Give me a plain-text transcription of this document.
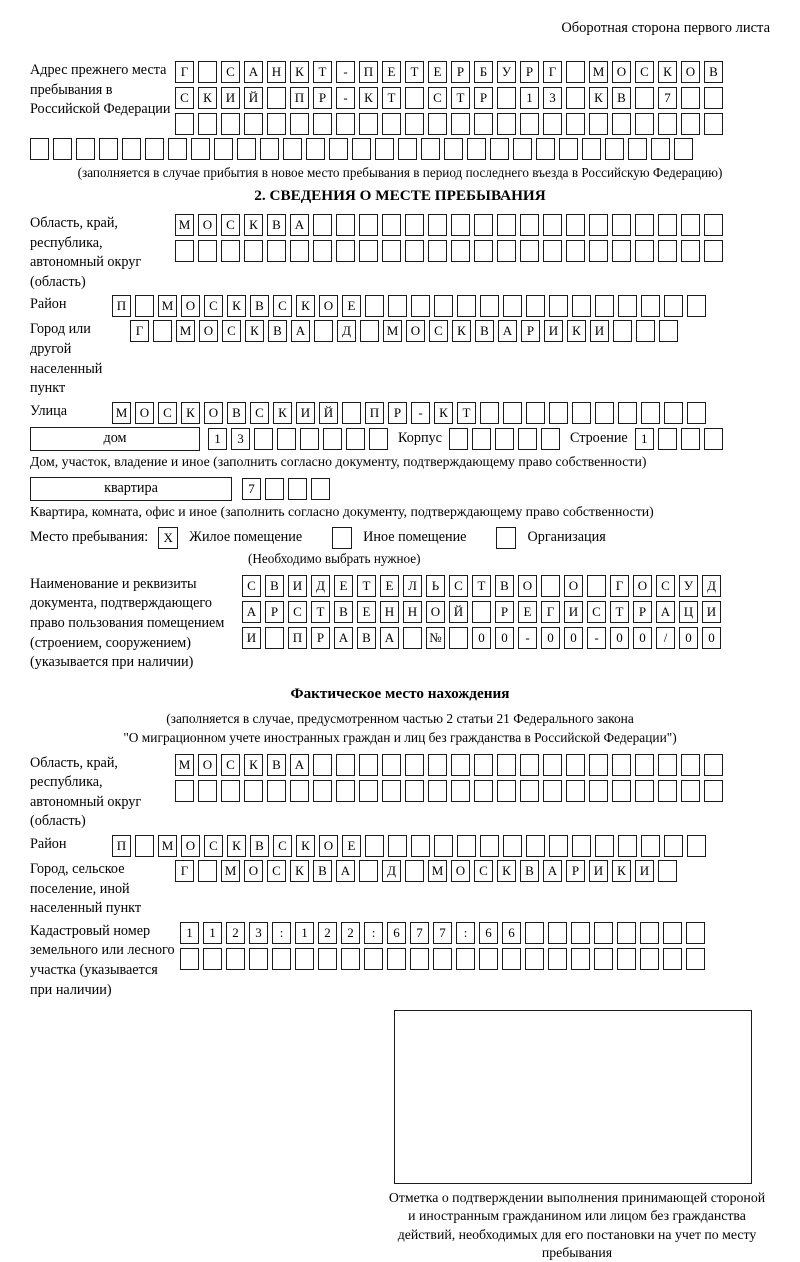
Оборотная сторона первого листа
Адрес прежнего места пребывания в Российской Федерации
Г	С	А	Н	К	Т	-	П	Е	Т	Е	Р	Б	У	Р	Г	М О	С	К	О	В
С	К	И	Й	П	Р	-	К	Т	С	Т	Р	1	3	К	В	7
(заполняется в случае прибытия в новое место пребывания в период последнего въезда в Российскую Федерацию)
2. СВЕДЕНИЯ О МЕСТЕ ПРЕБЫВАНИЯ
Область, край, республика, автономный округ (область)
М О	С	К	В	А
Район	П	М О	С	К	В	С	К	О	Е
Город или другой населенный пункт
Г	М О	С	К	В	А	Д	М О	С	К	В	А	Р	И	К	И
Улица	М О	С	К	О	В	С	К	И	Й	П	Р	-	К	Т
дом	1	3	Корпус	Строение	1
Дом, участок, владение и иное (заполнить согласно документу, подтверждающему право собственности)
квартира	7
Квартира, комната, офис и иное (заполнить согласно документу, подтверждающему право собственности)
Место пребывания:	X	Жилое помещение	Иное помещение	Организация
(Необходимо выбрать нужное)
Наименование и реквизиты документа, подтверждающего право пользования помещением (строением, сооружением) (указывается при наличии)
С	В	И	Д	Е	Т	Е	Л	Ь	С	Т	В	О	О	Г	О	С	У	Д
А	Р	С	Т	В	Е	Н	Н	О	Й	Р	Е	Г	И	С	Т	Р	А	Ц	И
И	П	Р	А	В	А	№	0	0	-	0	0	-	0	0	/	0	0
Фактическое место нахождения
(заполняется в случае, предусмотренном частью 2 статьи 21 Федерального закона
"О миграционном учете иностранных граждан и лиц без гражданства в Российской Федерации")
Область, край, республика, автономный округ (область)
М О	С	К	В	А
Район	П	М О	С	К	В	С	К	О	Е
Город, сельское поселение, иной населенный пункт
Г	М О	С	К	В	А	Д	М О	С	К	В	А	Р	И	К	И
Кадастровый номер земельного или лесного участка (указывается при наличии)
1	1	2	3	:	1	2	2	:	6	7	7	:	6	6
Отметка о подтверждении выполнения принимающей стороной и иностранным гражданином или лицом без гражданства действий, необходимых для его постановки на учет по месту пребывания
